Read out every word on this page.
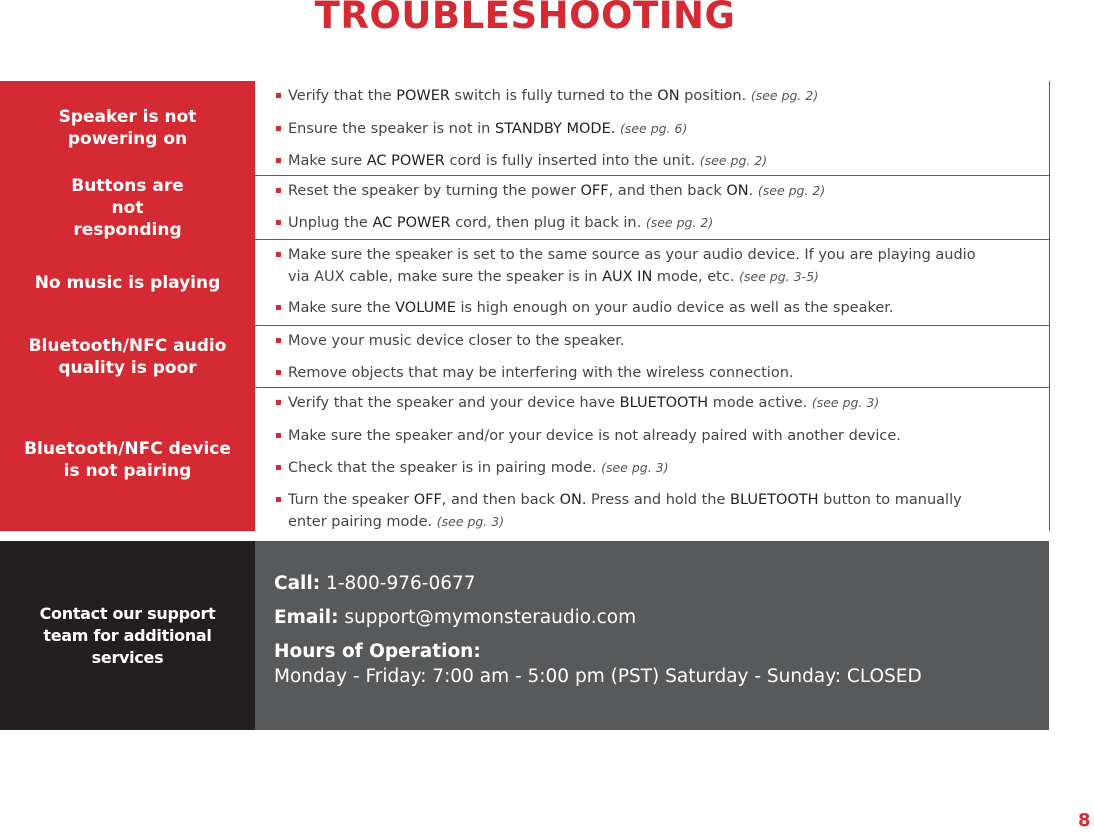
TROUBLESHOOTING
Speaker is not powering on
Verify that the POWER switch is fully turned to the ON position. (see pg. 2)
Ensure the speaker is not in STANDBY MODE. (see pg. 6)
Make sure AC POWER cord is fully inserted into the unit. (see pg. 2)
Buttons are not responding
Reset the speaker by turning the power OFF, and then back ON. (see pg. 2)
Unplug the AC POWER cord, then plug it back in. (see pg. 2)
No music is playing
Make sure the speaker is set to the same source as your audio device. If you are playing audio via AUX cable, make sure the speaker is in AUX IN mode, etc. (see pg. 3-5)
Make sure the VOLUME is high enough on your audio device as well as the speaker.
Bluetooth/NFC audio quality is poor
Move your music device closer to the speaker.
Remove objects that may be interfering with the wireless connection.
Bluetooth/NFC device is not pairing
Verify that the speaker and your device have BLUETOOTH mode active. (see pg. 3)
Make sure the speaker and/or your device is not already paired with another device.
Check that the speaker is in pairing mode. (see pg. 3)
Turn the speaker OFF, and then back ON. Press and hold the BLUETOOTH button to manually enter pairing mode. (see pg. 3)
Contact our support team for additional services
Call: 1-800-976-0677
Email: support@mymonsteraudio.com
Hours of Operation:
Monday - Friday: 7:00 am - 5:00 pm (PST) Saturday - Sunday: CLOSED
8
